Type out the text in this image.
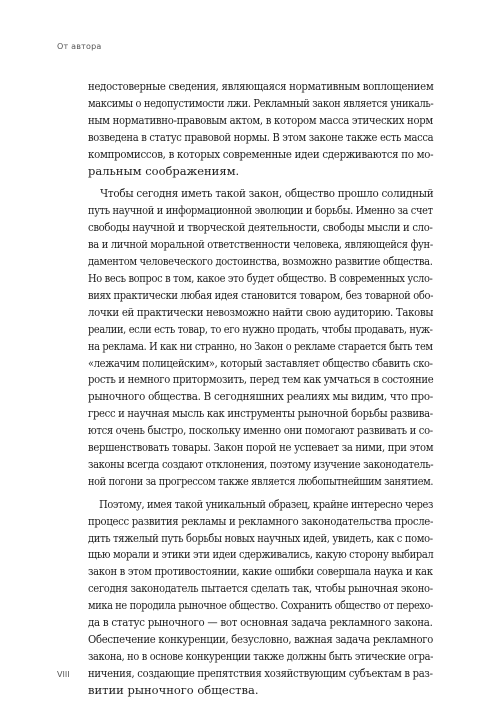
От автора
недостоверные сведения, являющаяся нормативным воплощением
максимы о недопустимости лжи. Рекламный закон является уникаль-
ным нормативно-правовым актом, в котором масса этических норм
возведена в статус правовой нормы. В этом законе также есть масса
компромиссов, в которых современные идеи сдерживаются по мо-
ральным соображениям.
Чтобы сегодня иметь такой закон, общество прошло солидный
путь научной и информационной эволюции и борьбы. Именно за счет
свободы научной и творческой деятельности, свободы мысли и сло-
ва и личной моральной ответственности человека, являющейся фун-
даментом человеческого достоинства, возможно развитие общества.
Но весь вопрос в том, какое это будет общество. В современных усло-
виях практически любая идея становится товаром, без товарной обо-
лочки ей практически невозможно найти свою аудиторию. Таковы
реалии, если есть товар, то его нужно продать, чтобы продавать, нуж-
на реклама. И как ни странно, но Закон о рекламе старается быть тем
«лежачим полицейским», который заставляет общество сбавить ско-
рость и немного притормозить, перед тем как умчаться в состояние
рыночного общества. В сегодняшних реалиях мы видим, что про-
гресс и научная мысль как инструменты рыночной борьбы развива-
ются очень быстро, поскольку именно они помогают развивать и со-
вершенствовать товары. Закон порой не успевает за ними, при этом
законы всегда создают отклонения, поэтому изучение законодатель-
ной погони за прогрессом также является любопытнейшим занятием.
Поэтому, имея такой уникальный образец, крайне интересно через
процесс развития рекламы и рекламного законодательства просле-
дить тяжелый путь борьбы новых научных идей, увидеть, как с помо-
щью морали и этики эти идеи сдерживались, какую сторону выбирал
закон в этом противостоянии, какие ошибки совершала наука и как
сегодня законодатель пытается сделать так, чтобы рыночная эконо-
мика не породила рыночное общество. Сохранить общество от перехо-
да в статус рыночного — вот основная задача рекламного закона.
Обеспечение конкуренции, безусловно, важная задача рекламного
закона, но в основе конкуренции также должны быть этические огра-
ничения, создающие препятствия хозяйствующим субъектам в раз-
витии рыночного общества.
VIII
